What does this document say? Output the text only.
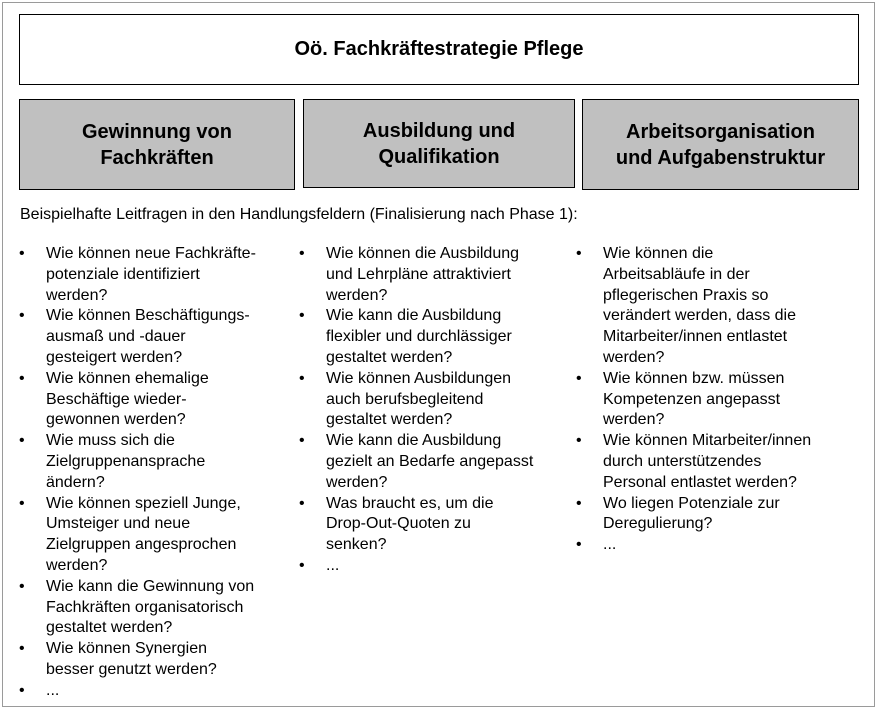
Oö. Fachkräftestrategie Pflege
Gewinnung von
Fachkräften
Ausbildung und
Qualifikation
Arbeitsorganisation
und Aufgabenstruktur
Beispielhafte Leitfragen in den Handlungsfeldern (Finalisierung nach Phase 1):
• Wie können neue Fachkräfte-
potenziale identifiziert
werden?
• Wie können Beschäftigungs-
ausmaß und -dauer
gesteigert werden?
• Wie können ehemalige
Beschäftige wieder-
gewonnen werden?
• Wie muss sich die
Zielgruppenansprache
ändern?
• Wie können speziell Junge,
Umsteiger und neue
Zielgruppen angesprochen
werden?
• Wie kann die Gewinnung von
Fachkräften organisatorisch
gestaltet werden?
• Wie können Synergien
besser genutzt werden?
• ...
• Wie können die Ausbildung
und Lehrpläne attraktiviert
werden?
• Wie kann die Ausbildung
flexibler und durchlässiger
gestaltet werden?
• Wie können Ausbildungen
auch berufsbegleitend
gestaltet werden?
• Wie kann die Ausbildung
gezielt an Bedarfe angepasst
werden?
• Was braucht es, um die
Drop-Out-Quoten zu
senken?
• ...
• Wie können die
Arbeitsabläufe in der
pflegerischen Praxis so
verändert werden, dass die
Mitarbeiter/innen entlastet
werden?
• Wie können bzw. müssen
Kompetenzen angepasst
werden?
• Wie können Mitarbeiter/innen
durch unterstützendes
Personal entlastet werden?
• Wo liegen Potenziale zur
Deregulierung?
• ...
